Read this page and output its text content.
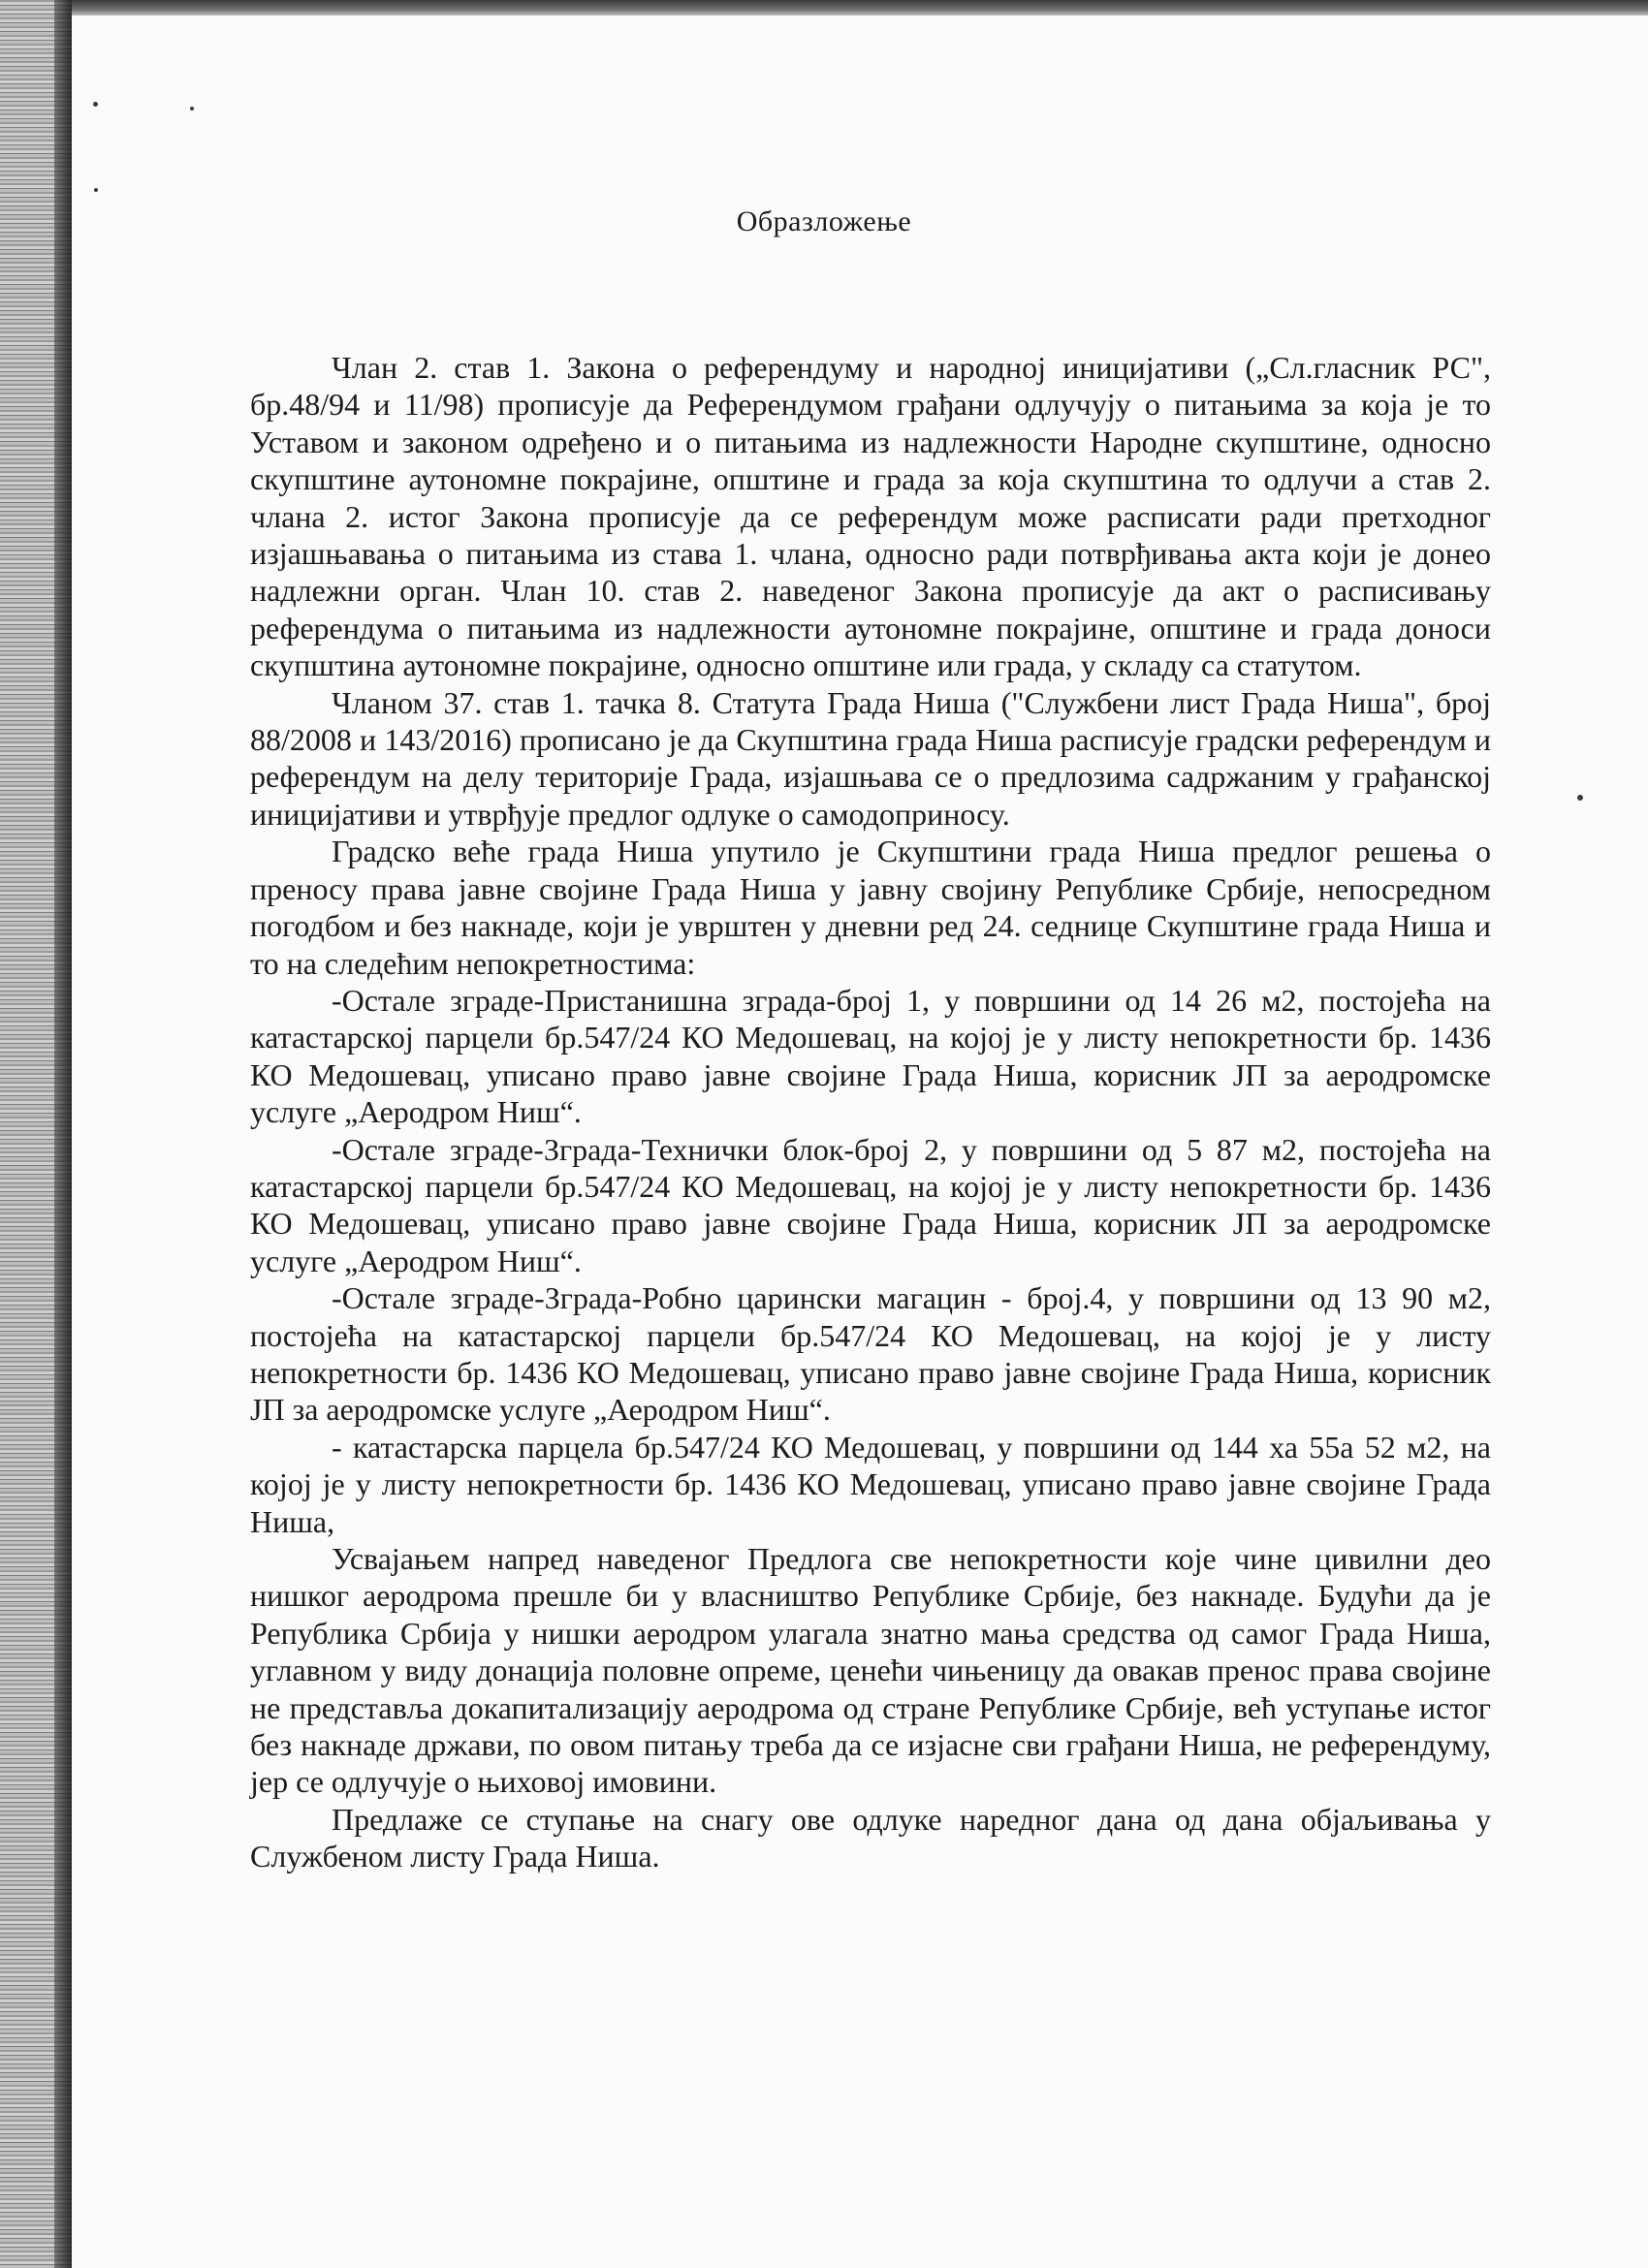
Образложење

Члан 2. став 1. Закона о референдуму и народној иницијативи („Сл.гласник РС", бр.48/94 и 11/98) прописује да Референдумом грађани одлучују о питањима за која је то Уставом и законом одређено и о питањима из надлежности Народне скупштине, односно скупштине аутономне покрајине, општине и града за која скупштина то одлучи а став 2. члана 2. истог Закона прописује да се референдум може расписати ради претходног изјашњавања о питањима из става 1. члана, односно ради потврђивања акта који је донео надлежни орган. Члан 10. став 2. наведеног Закона прописује да акт о расписивању референдума о питањима из надлежности аутономне покрајине, општине и града доноси скупштина аутономне покрајине, односно општине или града, у складу са статутом.

Чланом 37. став 1. тачка 8. Статута Града Ниша ("Службени лист Града Ниша", број 88/2008 и 143/2016) прописано је да Скупштина града Ниша расписује градски референдум и референдум на делу територије Града, изјашњава се о предлозима садржаним у грађанској иницијативи и утврђује предлог одлуке о самодоприносу.

Градско веће града Ниша упутило је Скупштини града Ниша предлог решења о преносу права јавне својине Града Ниша у јавну својину Републике Србије, непосредном погодбом и без накнаде, који је уврштен у дневни ред 24. седнице Скупштине града Ниша и то на следећим непокретностима:

-Остале зграде-Пристанишна зграда-број 1, у површини од 14 26 м2, постојећа на катастарској парцели бр.547/24 КО Медошевац, на којој је у листу непокретности бр. 1436 КО Медошевац, уписано право јавне својине Града Ниша, корисник ЈП за аеродромске услуге „Аеродром Ниш“.

-Остале зграде-Зграда-Технички блок-број 2, у површини од 5 87 м2, постојећа на катастарској парцели бр.547/24 КО Медошевац, на којој је у листу непокретности бр. 1436 КО Медошевац, уписано право јавне својине Града Ниша, корисник ЈП за аеродромске услуге „Аеродром Ниш“.

-Остале зграде-Зграда-Робно царински магацин - број.4, у површини од 13 90 м2, постојећа на катастарској парцели бр.547/24 КО Медошевац, на којој је у листу непокретности бр. 1436 КО Медошевац, уписано право јавне својине Града Ниша, корисник ЈП за аеродромске услуге „Аеродром Ниш“.

- катастарска парцела бр.547/24 КО Медошевац, у површини од 144 ха 55а 52 м2, на којој је у листу непокретности бр. 1436 КО Медошевац, уписано право јавне својине Града Ниша,

Усвајањем напред наведеног Предлога све непокретности које чине цивилни део нишког аеродрома прешле би у власништво Републике Србије, без накнаде. Будући да је Република Србија у нишки аеродром улагала знатно мања средства од самог Града Ниша, углавном у виду донација половне опреме, ценећи чињеницу да овакав пренос права својине не представља докапитализацију аеродрома од стране Републике Србије, већ уступање истог без накнаде држави, по овом питању треба да се изјасне сви грађани Ниша, не референдуму, јер се одлучује о њиховој имовини.

Предлаже се ступање на снагу ове одлуке наредног дана од дана објаљивања у Службеном листу Града Ниша.
